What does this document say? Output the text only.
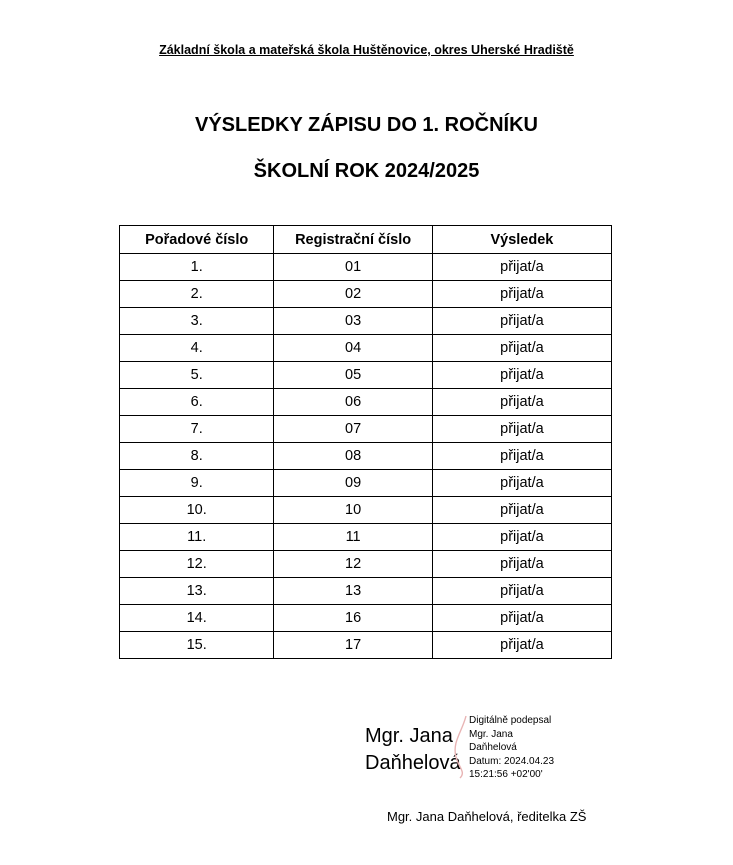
Základní škola a mateřská škola Huštěnovice, okres Uherské Hradiště
VÝSLEDKY ZÁPISU DO 1. ROČNÍKU
ŠKOLNÍ ROK 2024/2025
Pořadové číslo	Registrační číslo	Výsledek
1.	01	přijat/a
2.	02	přijat/a
3.	03	přijat/a
4.	04	přijat/a
5.	05	přijat/a
6.	06	přijat/a
7.	07	přijat/a
8.	08	přijat/a
9.	09	přijat/a
10.	10	přijat/a
11.	11	přijat/a
12.	12	přijat/a
13.	13	přijat/a
14.	16	přijat/a
15.	17	přijat/a
Mgr. Jana
Daňhelová
Digitálně podepsal
Mgr. Jana
Daňhelová
Datum: 2024.04.23
15:21:56 +02'00'
Mgr. Jana Daňhelová, ředitelka ZŠ
